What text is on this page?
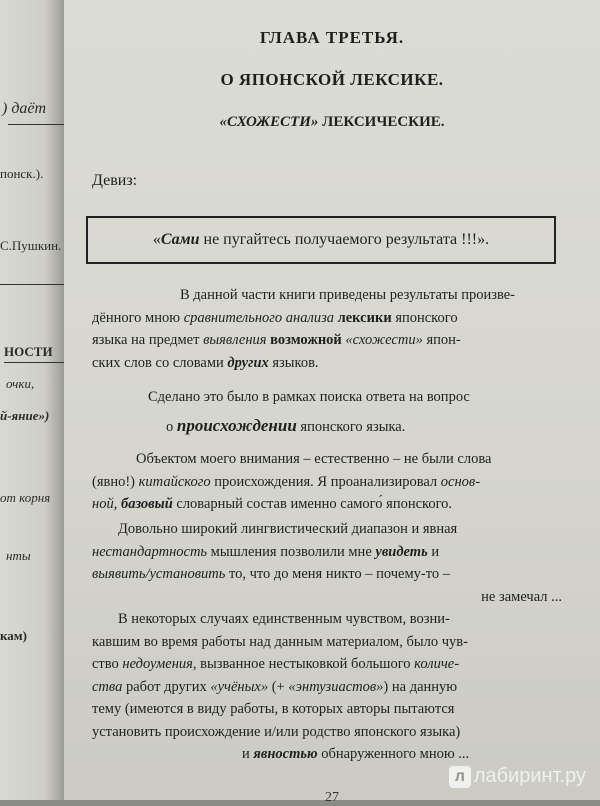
) даёт
понск.).
С.Пушкин.
НОСТИ
очки,
й-яние»)
от корня
нты
кам)
ГЛАВА ТРЕТЬЯ.
О ЯПОНСКОЙ ЛЕКСИКЕ.
«СХОЖЕСТИ» ЛЕКСИЧЕСКИЕ.
Девиз:
«Сами не пугайтесь получаемого результата !!!».
В данной части книги приведены результаты произве-
дённого мною сравнительного анализа лексики японского
языка на предмет выявления возможной «схожести» япон-
ских слов со словами других языков.
Сделано это было в рамках поиска ответа на вопрос
о происхождении японского языка.
Объектом моего внимания – естественно – не были слова
(явно!) китайского происхождения. Я проанализировал основ-
ной, базовый словарный состав именно самого́ японского.
Довольно широкий лингвистический диапазон и явная
нестандартность мышления позволили мне увидеть и
выявить/установить то, что до меня никто – почему-то –
не замечал ...
В некоторых случаях единственным чувством, возни-
кавшим во время работы над данным материалом, было чув-
ство недоумения, вызванное нестыковкой большого количе-
ства работ других «учёных» (+ «энтузиастов») на данную
тему (имеются в виду работы, в которых авторы пытаются
установить происхождение и/или родство японского языка)
и явностью обнаруженного мною ...
27
л лабиринт.ру
